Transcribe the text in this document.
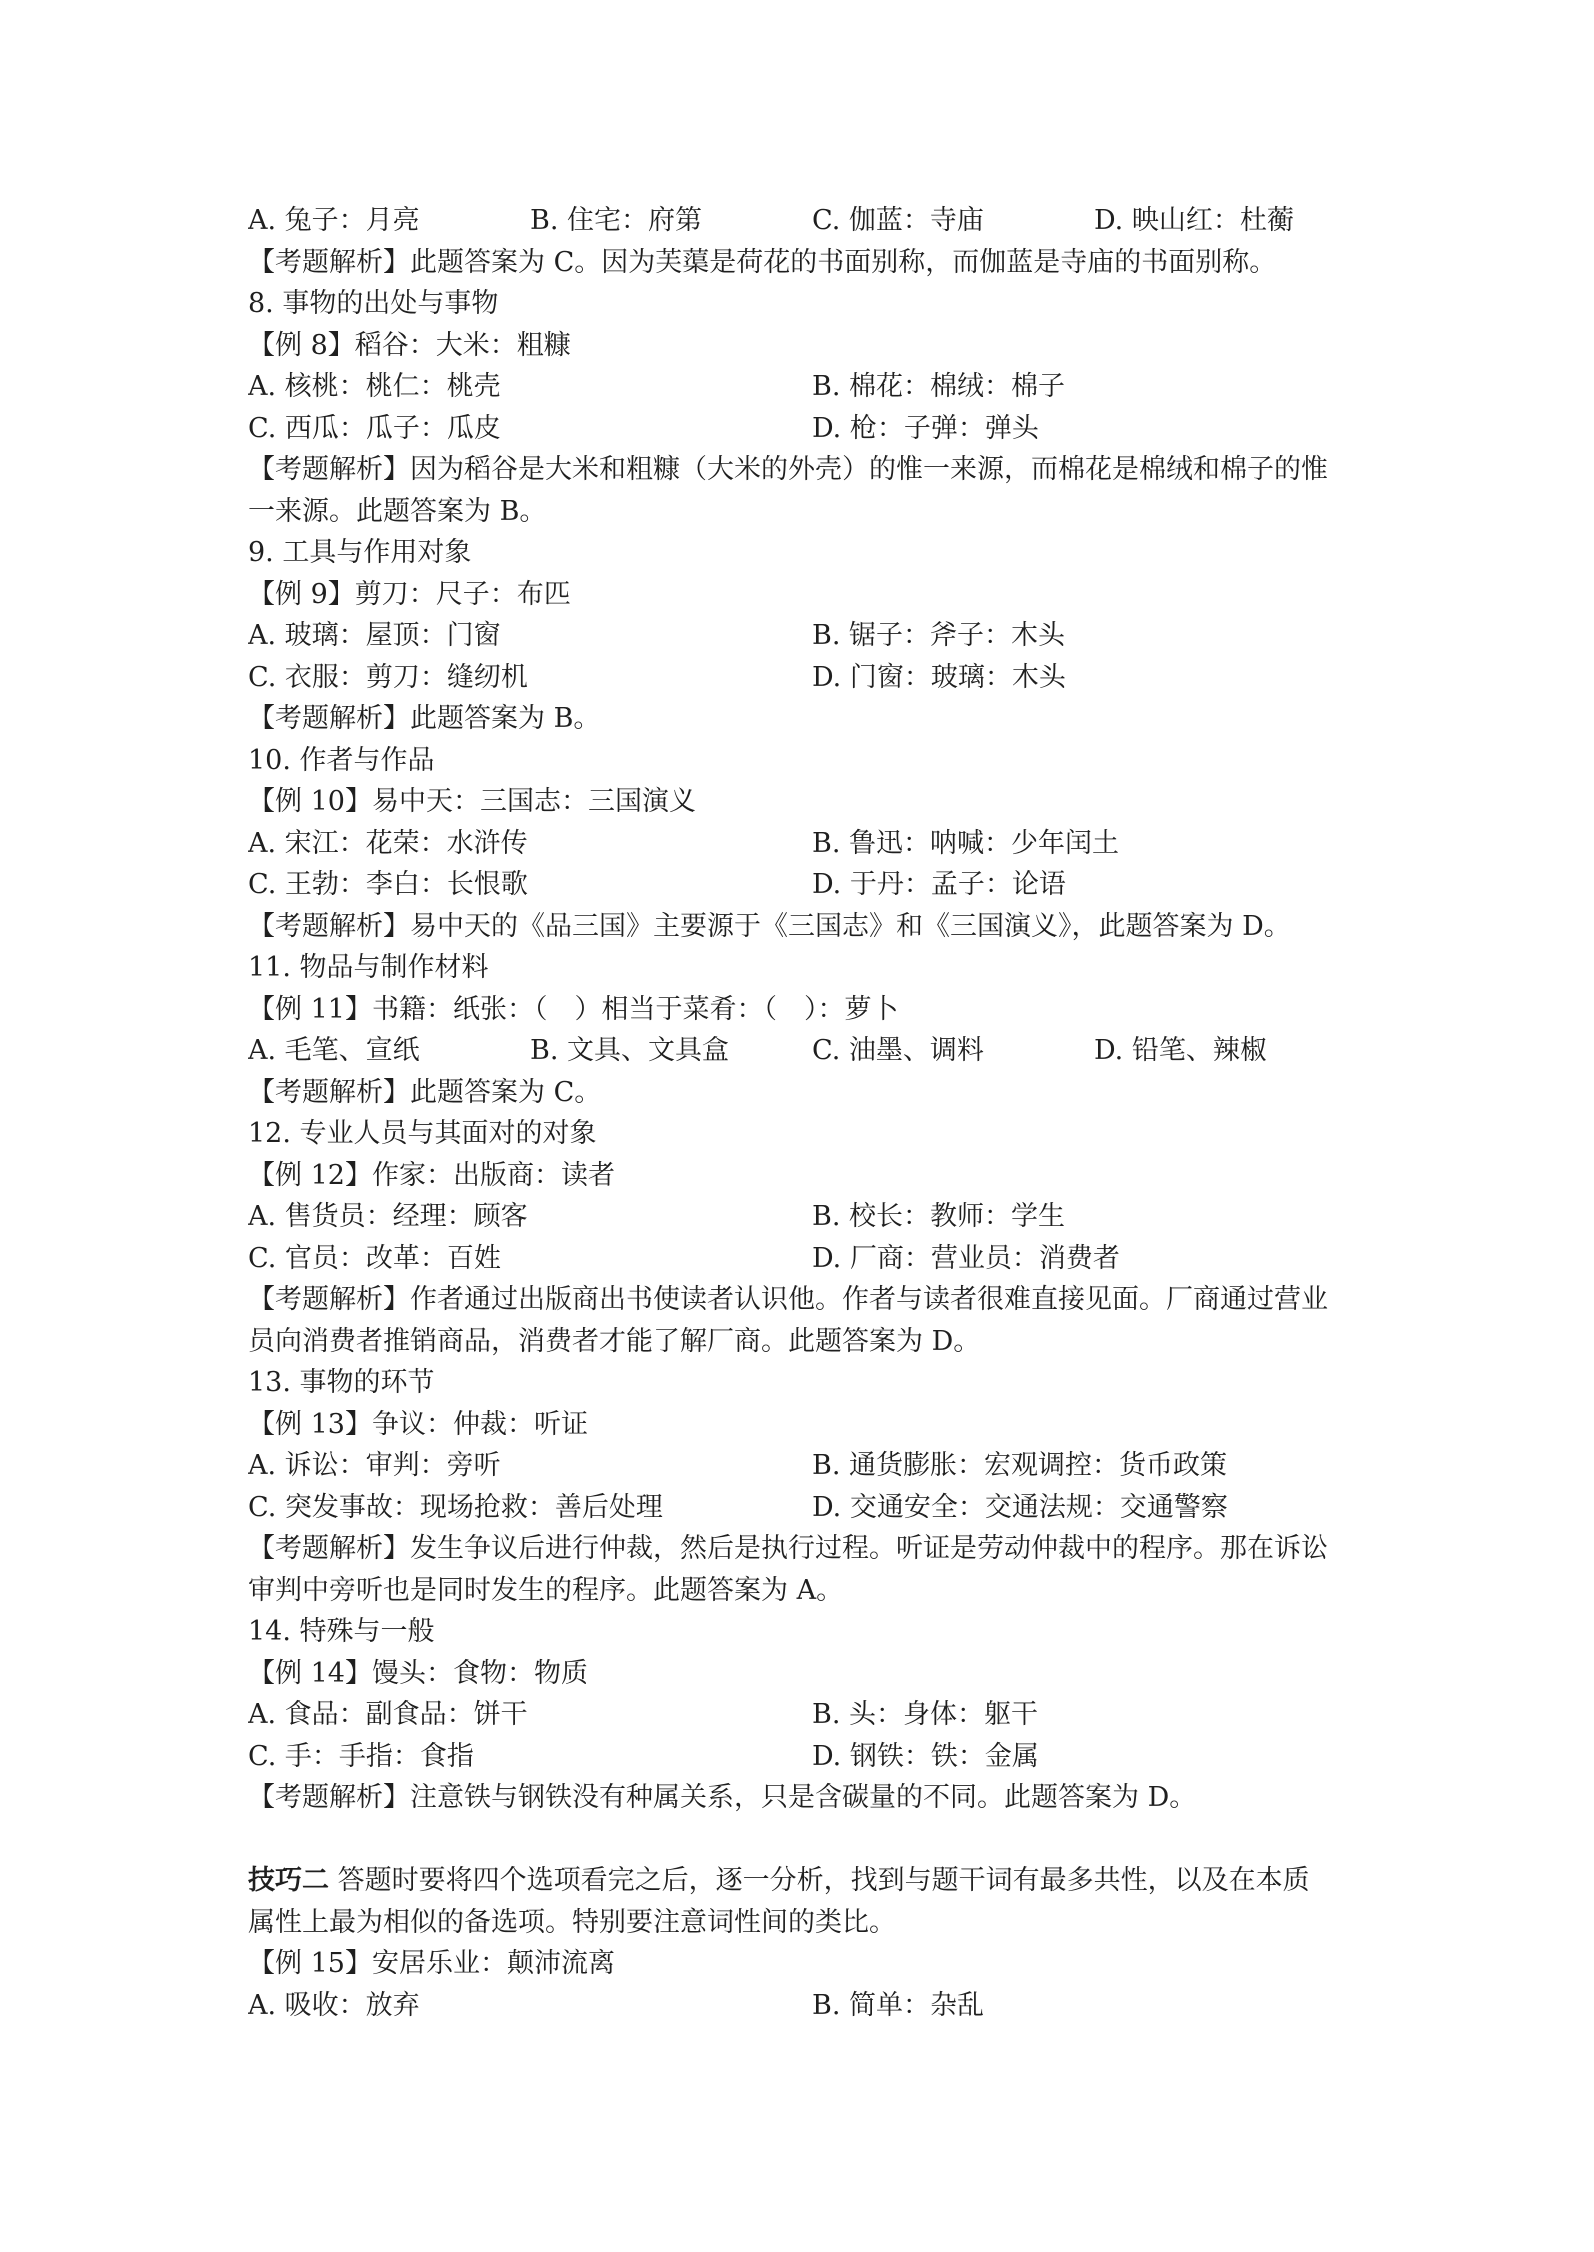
A. 兔子：月亮	B. 住宅：府第	C. 伽蓝：寺庙	D. 映山红：杜蘅
【考题解析】此题答案为 C。因为芙蕖是荷花的书面别称，而伽蓝是寺庙的书面别称。
8. 事物的出处与事物
【例 8】稻谷：大米：粗糠
A. 核桃：桃仁：桃壳	B. 棉花：棉绒：棉子
C. 西瓜：瓜子：瓜皮	D. 枪：子弹：弹头
【考题解析】因为稻谷是大米和粗糠（大米的外壳）的惟一来源，而棉花是棉绒和棉子的惟
一来源。此题答案为 B。
9. 工具与作用对象
【例 9】剪刀：尺子：布匹
A. 玻璃：屋顶：门窗	B. 锯子：斧子：木头
C. 衣服：剪刀：缝纫机	D. 门窗：玻璃：木头
【考题解析】此题答案为 B。
10. 作者与作品
【例 10】易中天：三国志：三国演义
A. 宋江：花荣：水浒传	B. 鲁迅：呐喊：少年闰土
C. 王勃：李白：长恨歌	D. 于丹：孟子：论语
【考题解析】易中天的《品三国》主要源于《三国志》和《三国演义》，此题答案为 D。
11. 物品与制作材料
【例 11】书籍：纸张：（　）相当于菜肴：（　）：萝卜
A. 毛笔、宣纸	B. 文具、文具盒	C. 油墨、调料	D. 铅笔、辣椒
【考题解析】此题答案为 C。
12. 专业人员与其面对的对象
【例 12】作家：出版商：读者
A. 售货员：经理：顾客	B. 校长：教师：学生
C. 官员：改革：百姓	D. 厂商：营业员：消费者
【考题解析】作者通过出版商出书使读者认识他。作者与读者很难直接见面。厂商通过营业
员向消费者推销商品，消费者才能了解厂商。此题答案为 D。
13. 事物的环节
【例 13】争议：仲裁：听证
A. 诉讼：审判：旁听	B. 通货膨胀：宏观调控：货币政策
C. 突发事故：现场抢救：善后处理	D. 交通安全：交通法规：交通警察
【考题解析】发生争议后进行仲裁，然后是执行过程。听证是劳动仲裁中的程序。那在诉讼
审判中旁听也是同时发生的程序。此题答案为 A。
14. 特殊与一般
【例 14】馒头：食物：物质
A. 食品：副食品：饼干	B. 头：身体：躯干
C. 手：手指：食指	D. 钢铁：铁：金属
【考题解析】注意铁与钢铁没有种属关系，只是含碳量的不同。此题答案为 D。
技巧二 答题时要将四个选项看完之后，逐一分析，找到与题干词有最多共性，以及在本质
属性上最为相似的备选项。特别要注意词性间的类比。
【例 15】安居乐业：颠沛流离
A. 吸收：放弃	B. 简单：杂乱
